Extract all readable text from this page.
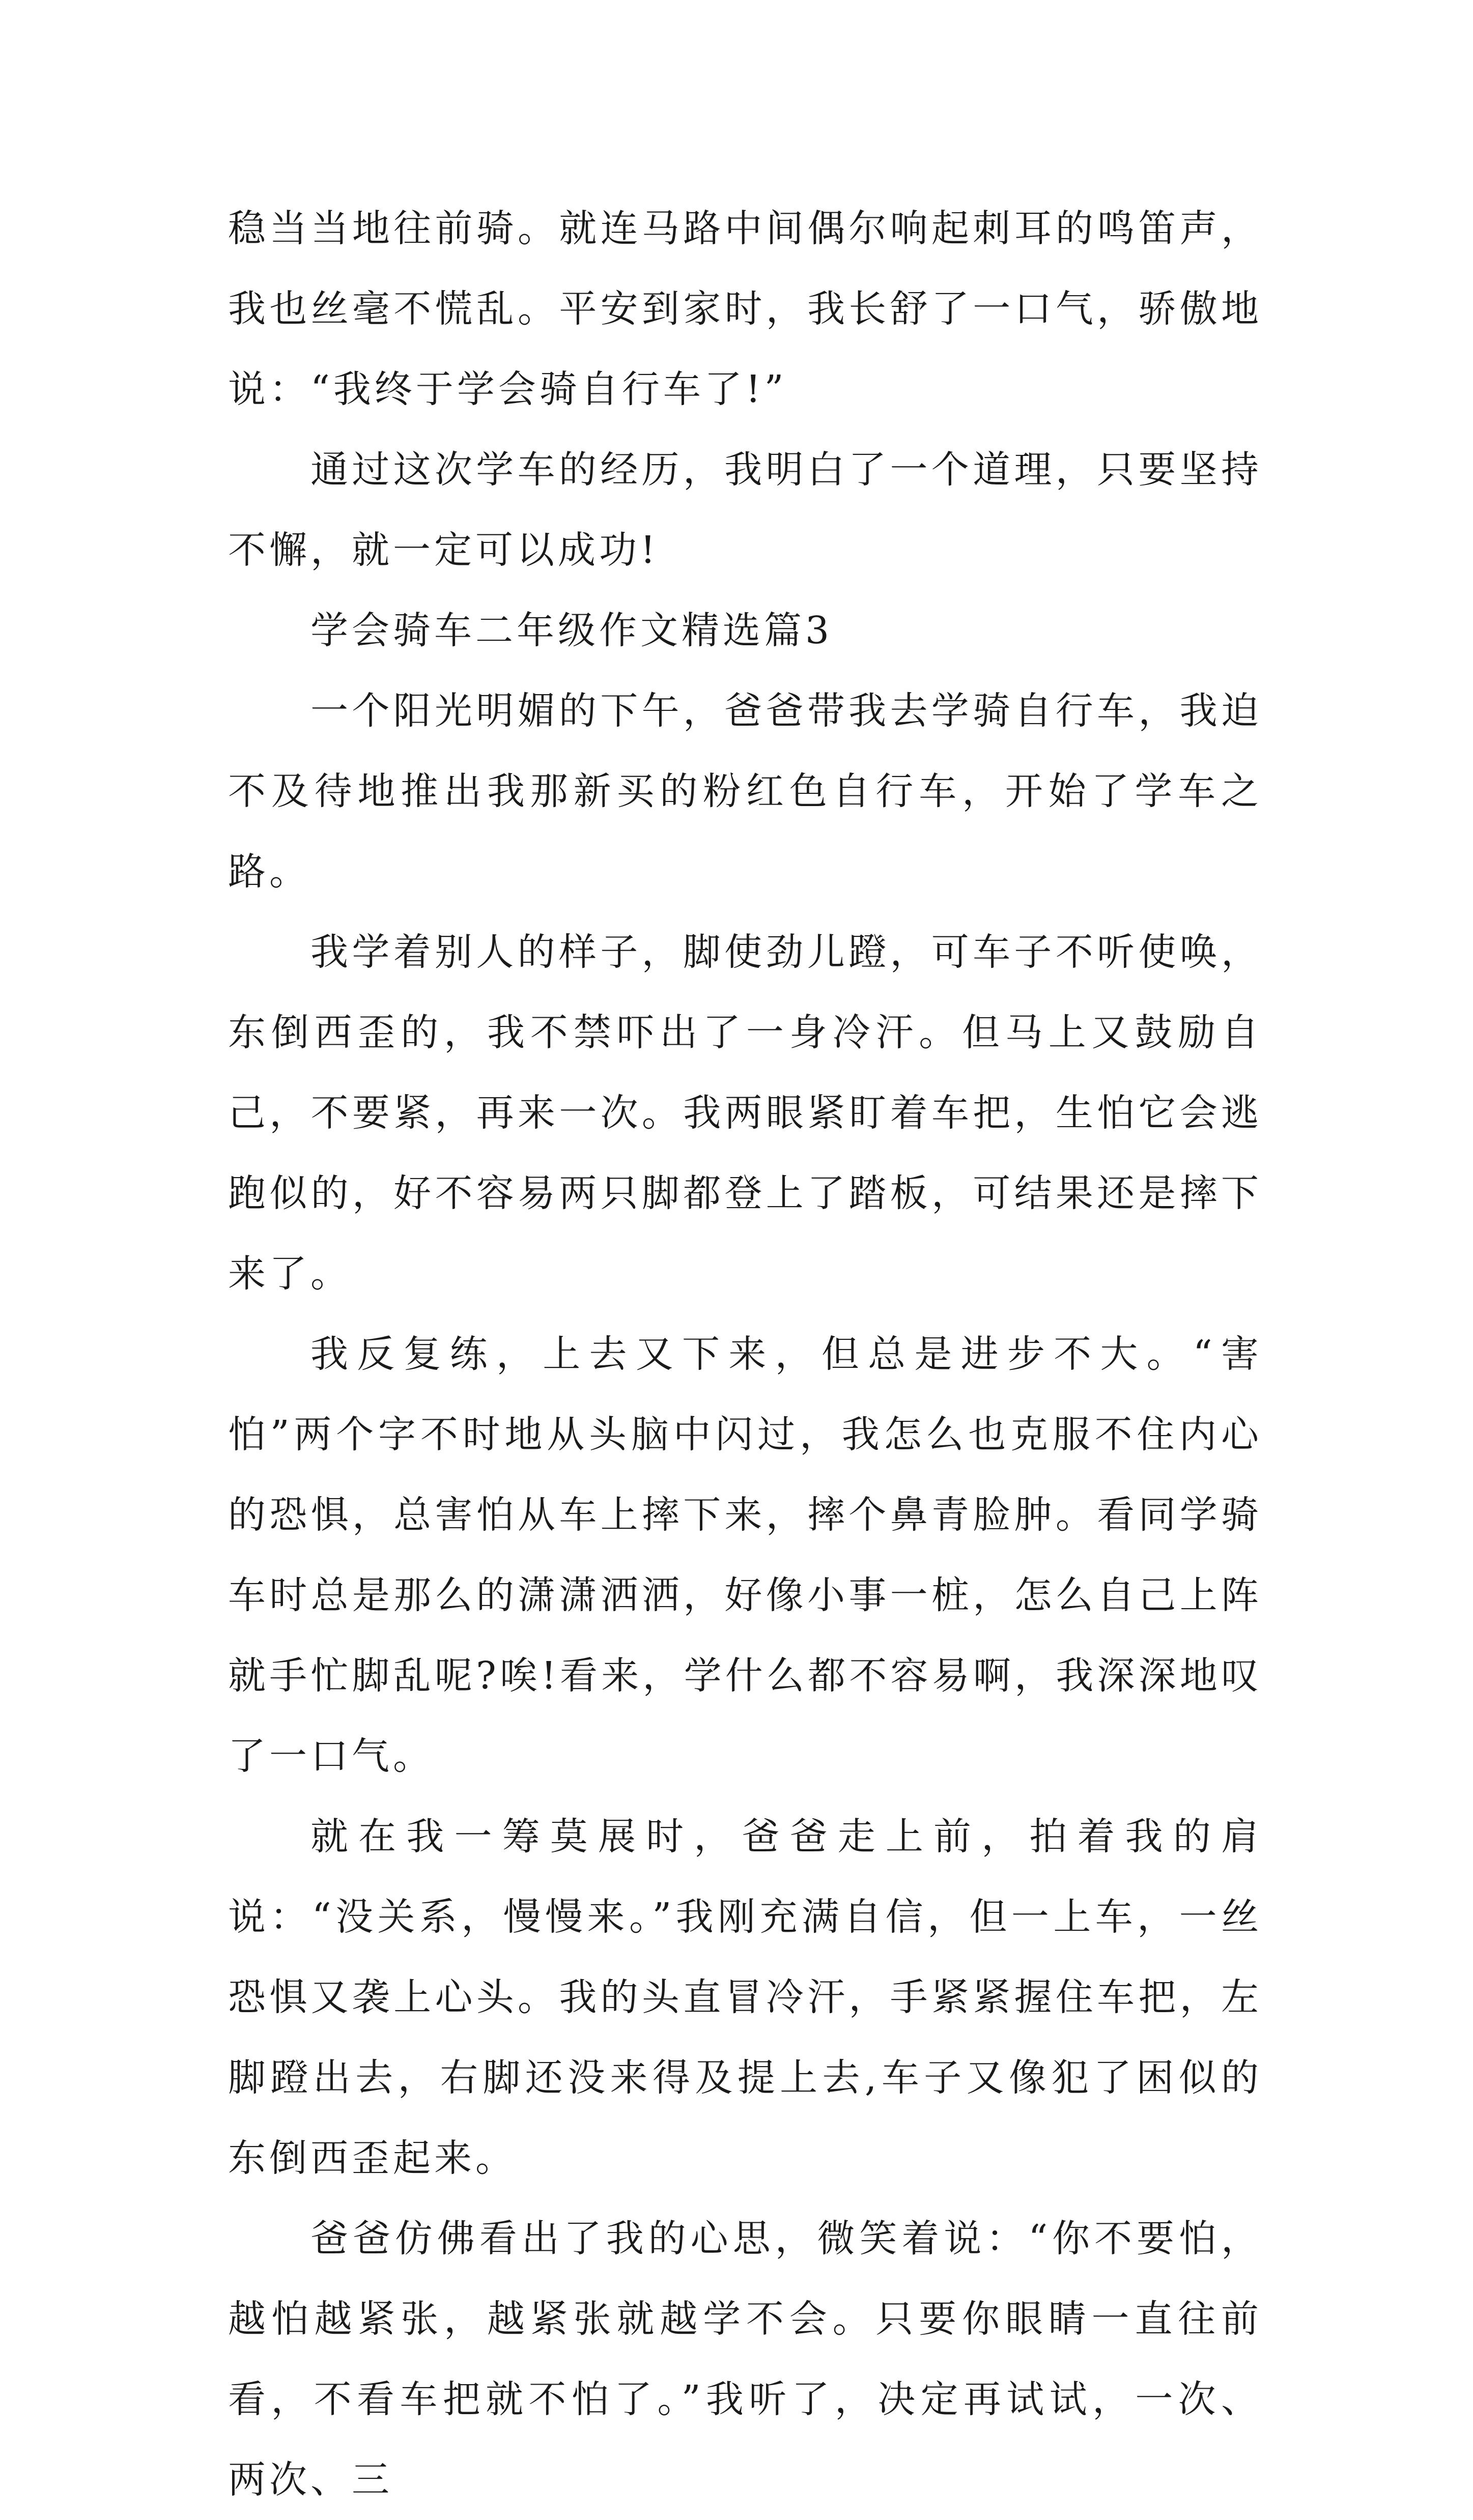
稳当当地往前骑。就连马路中间偶尔响起刺耳的鸣笛声，我也丝毫不慌乱。平安到家时，我长舒了一口气，骄傲地说：“我终于学会骑自行车了!”

通过这次学车的经历，我明白了一个道理，只要坚持不懈，就一定可以成功!

学会骑车二年级作文精选篇3

一个阳光明媚的下午，爸爸带我去学骑自行车，我迫不及待地推出我那新买的粉红色自行车，开始了学车之路。

我学着别人的样子，脚使劲儿蹬，可车子不听使唤，东倒西歪的，我不禁吓出了一身冷汗。但马上又鼓励自己，不要紧，再来一次。我两眼紧盯着车把，生怕它会逃跑似的，好不容易两只脚都登上了踏板，可结果还是摔下来了。

我反复练，上去又下来，但总是进步不大。“害怕”两个字不时地从头脑中闪过，我怎么也克服不住内心的恐惧，总害怕从车上摔下来，摔个鼻青脸肿。看同学骑车时总是那么的潇潇洒洒，好像小事一桩，怎么自己上阵就手忙脚乱呢?唉!看来，学什么都不容易啊，我深深地叹了一口气。

就在我一筹莫展时，爸爸走上前，拍着我的肩说：“没关系，慢慢来。”我刚充满自信，但一上车，一丝恐惧又袭上心头。我的头直冒冷汗，手紧紧握住车把，左脚蹬出去，右脚还没来得及提上去,车子又像犯了困似的东倒西歪起来。

爸爸仿佛看出了我的心思，微笑着说：“你不要怕，越怕越紧张，越紧张就越学不会。只要你眼睛一直往前看，不看车把就不怕了。”我听了，决定再试试，一次、两次、三
